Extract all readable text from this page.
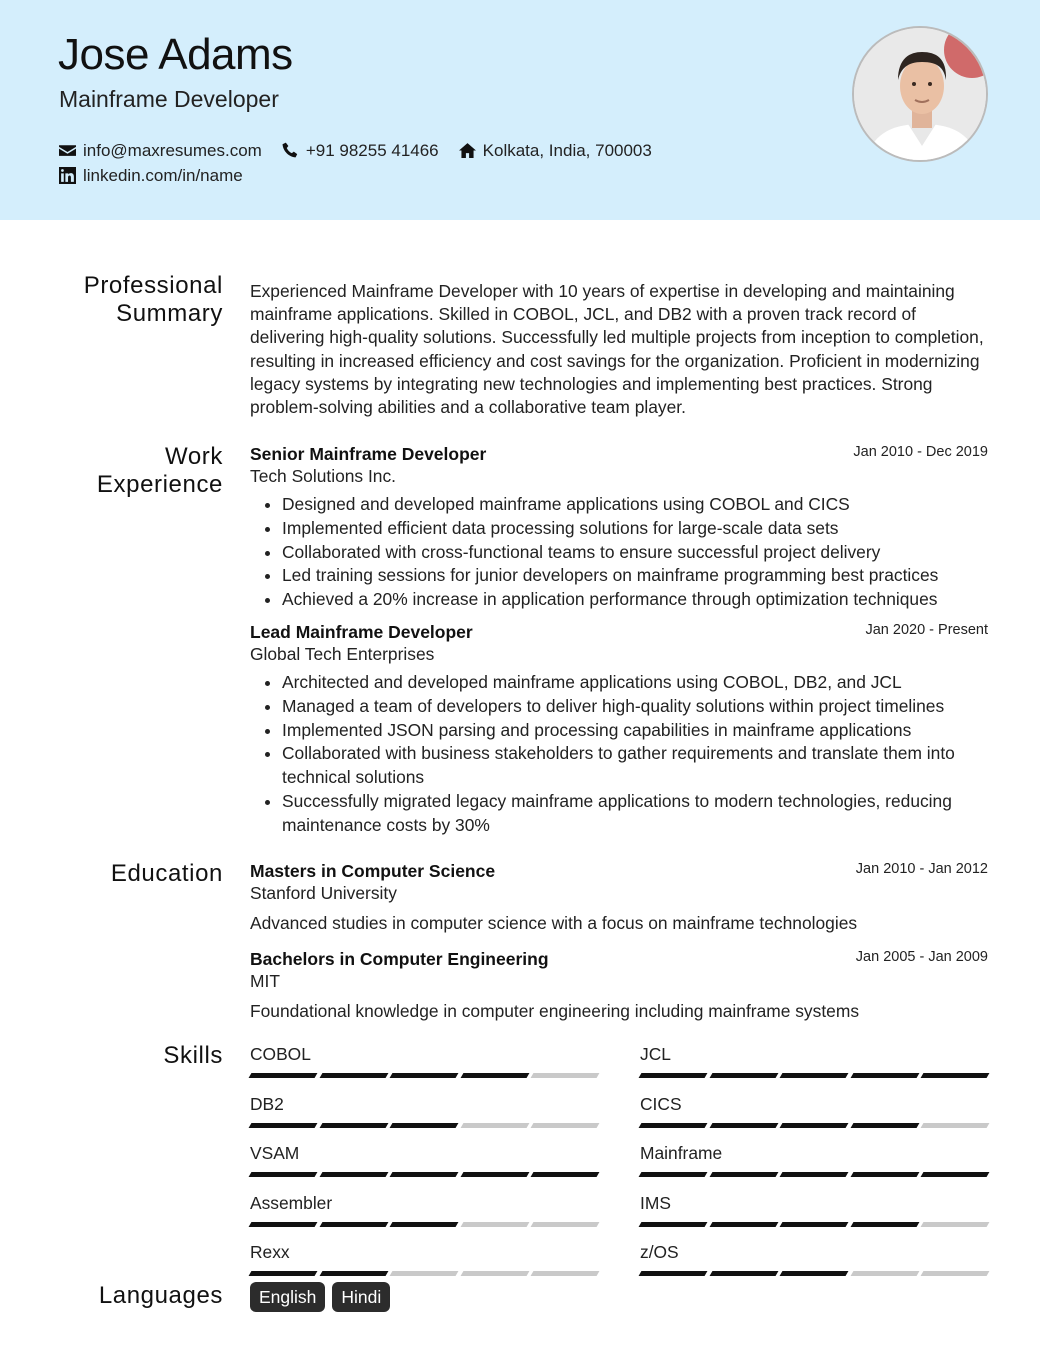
Jose Adams
Mainframe Developer
info@maxresumes.com	+91 98255 41466	Kolkata, India, 700003
linkedin.com/in/name
Professional Summary
Experienced Mainframe Developer with 10 years of expertise in developing and maintaining mainframe applications. Skilled in COBOL, JCL, and DB2 with a proven track record of delivering high-quality solutions. Successfully led multiple projects from inception to completion, resulting in increased efficiency and cost savings for the organization. Proficient in modernizing legacy systems by integrating new technologies and implementing best practices. Strong problem-solving abilities and a collaborative team player.
Work Experience
Senior Mainframe Developer	Jan 2010 - Dec 2019
Tech Solutions Inc.
• Designed and developed mainframe applications using COBOL and CICS
• Implemented efficient data processing solutions for large-scale data sets
• Collaborated with cross-functional teams to ensure successful project delivery
• Led training sessions for junior developers on mainframe programming best practices
• Achieved a 20% increase in application performance through optimization techniques
Lead Mainframe Developer	Jan 2020 - Present
Global Tech Enterprises
• Architected and developed mainframe applications using COBOL, DB2, and JCL
• Managed a team of developers to deliver high-quality solutions within project timelines
• Implemented JSON parsing and processing capabilities in mainframe applications
• Collaborated with business stakeholders to gather requirements and translate them into technical solutions
• Successfully migrated legacy mainframe applications to modern technologies, reducing maintenance costs by 30%
Education Masters in Computer Science	Jan 2010 - Jan 2012
Stanford University
Advanced studies in computer science with a focus on mainframe technologies
Bachelors in Computer Engineering	Jan 2005 - Jan 2009
MIT
Foundational knowledge in computer engineering including mainframe systems
Skills COBOL	JCL
DB2	CICS
VSAM	Mainframe
Assembler	IMS
Rexx	z/OS
Languages	English	Hindi
